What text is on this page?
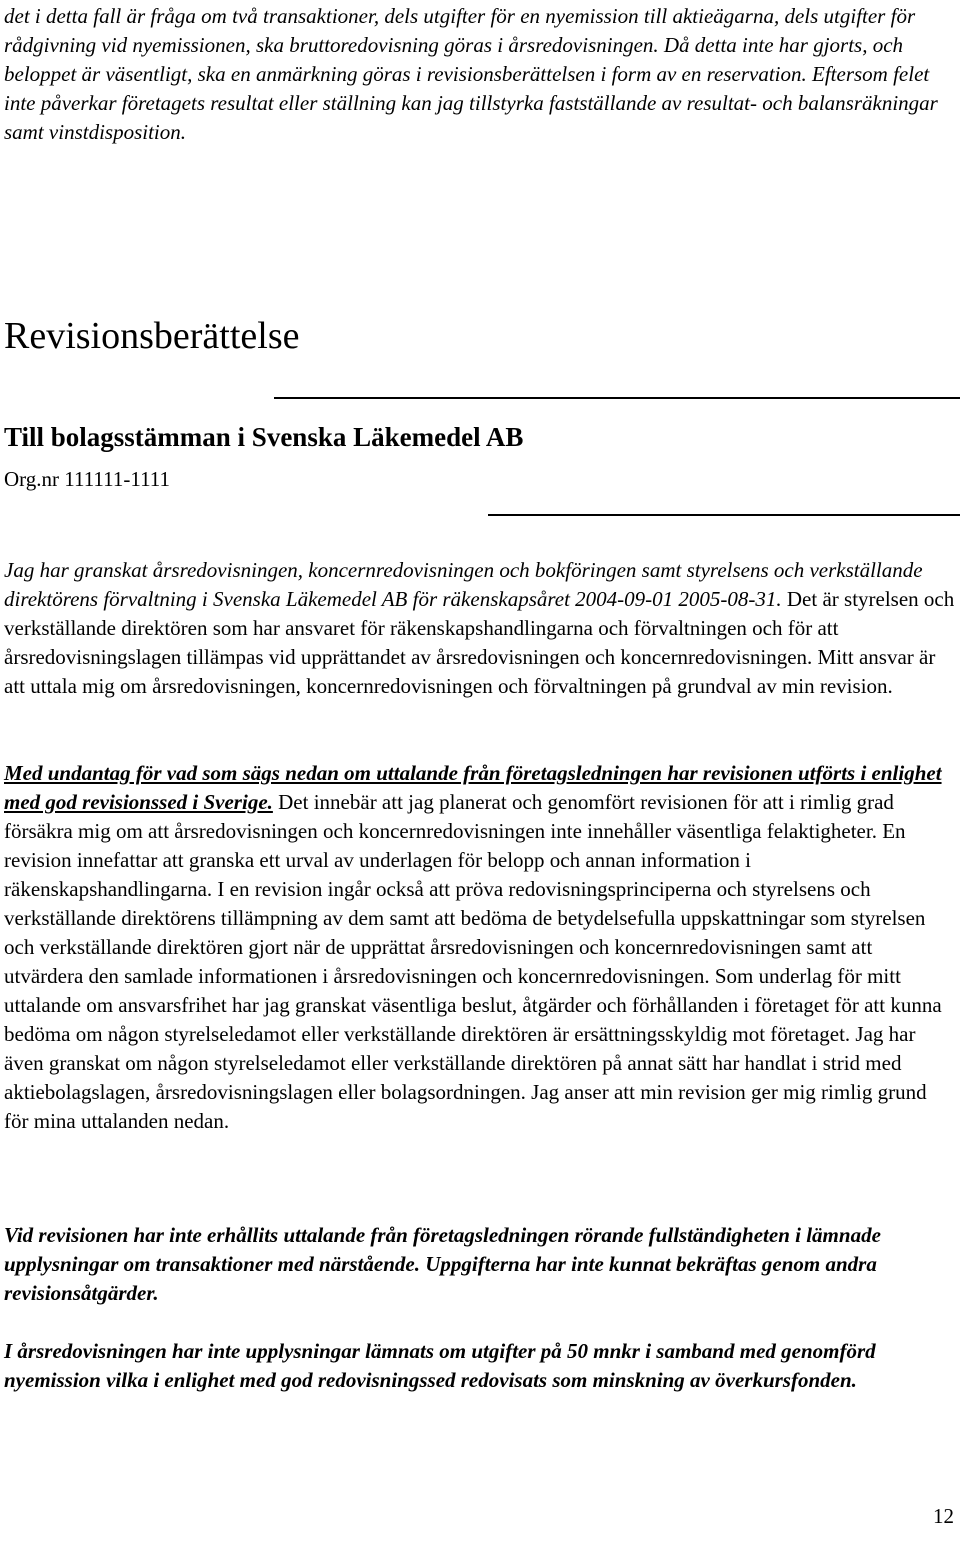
det i detta fall är fråga om två transaktioner, dels utgifter för en nyemission till aktieägarna, dels utgifter för rådgivning vid nyemissionen, ska bruttoredovisning göras i årsredovisningen. Då detta inte har gjorts, och beloppet är väsentligt, ska en anmärkning göras i revisionsberättelsen i form av en reservation. Eftersom felet inte påverkar företagets resultat eller ställning kan jag tillstyrka fastställande av resultat- och balansräkningar samt vinstdisposition.

Revisionsberättelse

Till bolagsstämman i Svenska Läkemedel AB

Org.nr 111111-1111

Jag har granskat årsredovisningen, koncernredovisningen och bokföringen samt styrelsens och verkställande direktörens förvaltning i Svenska Läkemedel AB för räkenskapsåret 2004-09-01 2005-08-31. Det är styrelsen och verkställande direktören som har ansvaret för räkenskapshandlingarna och förvaltningen och för att årsredovisningslagen tillämpas vid upprättandet av årsredovisningen och koncernredovisningen. Mitt ansvar är att uttala mig om årsredovisningen, koncernredovisningen och förvaltningen på grundval av min revision.

Med undantag för vad som sägs nedan om uttalande från företagsledningen har revisionen utförts i enlighet med god revisionssed i Sverige. Det innebär att jag planerat och genomfört revisionen för att i rimlig grad försäkra mig om att årsredovisningen och koncernredovisningen inte innehåller väsentliga felaktigheter. En revision innefattar att granska ett urval av underlagen för belopp och annan information i räkenskapshandlingarna. I en revision ingår också att pröva redovisningsprinciperna och styrelsens och verkställande direktörens tillämpning av dem samt att bedöma de betydelsefulla uppskattningar som styrelsen och verkställande direktören gjort när de upprättat årsredovisningen och koncernredovisningen samt att utvärdera den samlade informationen i årsredovisningen och koncernredovisningen. Som underlag för mitt uttalande om ansvarsfrihet har jag granskat väsentliga beslut, åtgärder och förhållanden i företaget för att kunna bedöma om någon styrelseledamot eller verkställande direktören är ersättningsskyldig mot företaget. Jag har även granskat om någon styrelseledamot eller verkställande direktören på annat sätt har handlat i strid med aktiebolagslagen, årsredovisningslagen eller bolagsordningen. Jag anser att min revision ger mig rimlig grund för mina uttalanden nedan.

Vid revisionen har inte erhållits uttalande från företagsledningen rörande fullständigheten i lämnade upplysningar om transaktioner med närstående. Uppgifterna har inte kunnat bekräftas genom andra revisionsåtgärder.

I årsredovisningen har inte upplysningar lämnats om utgifter på 50 mnkr i samband med genomförd nyemission vilka i enlighet med god redovisningssed redovisats som minskning av överkursfonden.

12
